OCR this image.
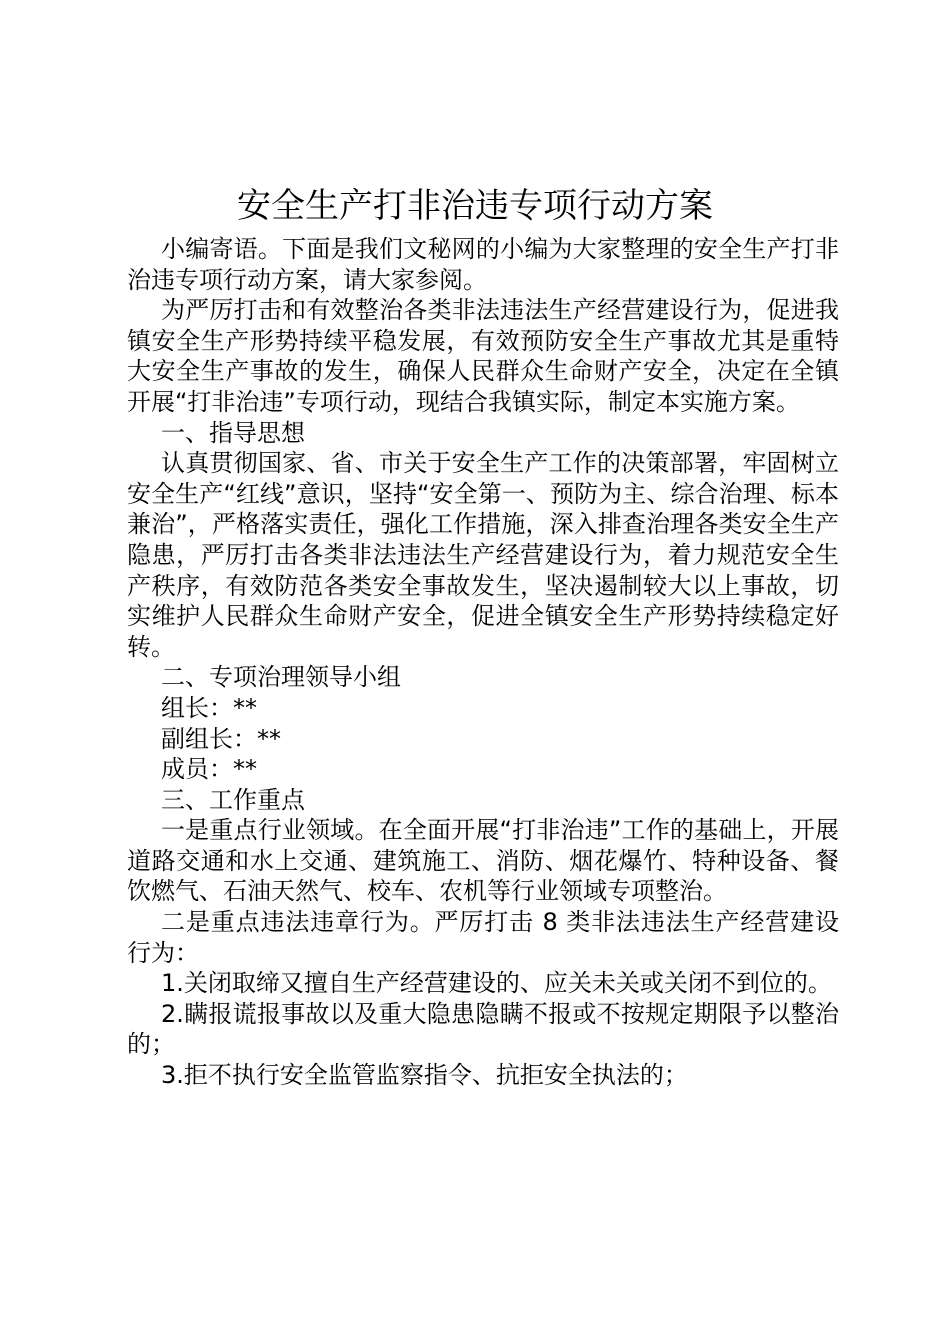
安全生产打非治违专项行动方案

小编寄语。下面是我们文秘网的小编为大家整理的安全生产打非治违专项行动方案，请大家参阅。

为严厉打击和有效整治各类非法违法生产经营建设行为，促进我镇安全生产形势持续平稳发展，有效预防安全生产事故尤其是重特大安全生产事故的发生，确保人民群众生命财产安全，决定在全镇开展“打非治违”专项行动，现结合我镇实际，制定本实施方案。

一、指导思想

认真贯彻国家、省、市关于安全生产工作的决策部署，牢固树立安全生产“红线”意识，坚持“安全第一、预防为主、综合治理、标本兼治”，严格落实责任，强化工作措施，深入排查治理各类安全生产隐患，严厉打击各类非法违法生产经营建设行为，着力规范安全生产秩序，有效防范各类安全事故发生，坚决遏制较大以上事故，切实维护人民群众生命财产安全，促进全镇安全生产形势持续稳定好转。

二、专项治理领导小组

组长：**

副组长：**

成员：**

三、工作重点

一是重点行业领域。在全面开展“打非治违”工作的基础上，开展道路交通和水上交通、建筑施工、消防、烟花爆竹、特种设备、餐饮燃气、石油天然气、校车、农机等行业领域专项整治。

二是重点违法违章行为。严厉打击 8 类非法违法生产经营建设行为：

1.关闭取缔又擅自生产经营建设的、应关未关或关闭不到位的。

2.瞒报谎报事故以及重大隐患隐瞒不报或不按规定期限予以整治的；

3.拒不执行安全监管监察指令、抗拒安全执法的；
